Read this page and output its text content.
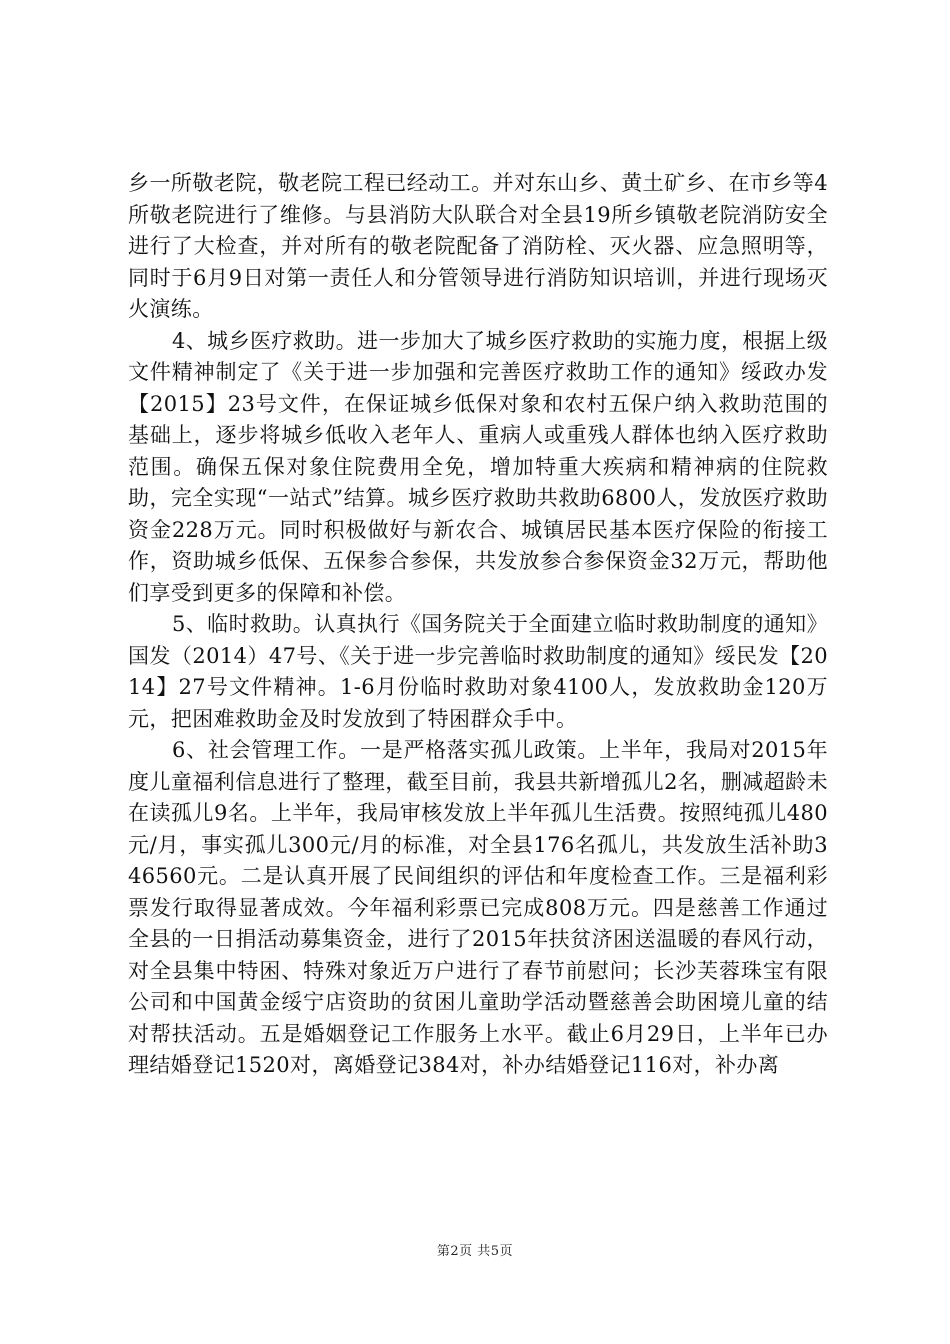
乡一所敬老院，敬老院工程已经动工。并对东山乡、黄土矿乡、在市乡等4所敬老院进行了维修。与县消防大队联合对全县19所乡镇敬老院消防安全进行了大检查，并对所有的敬老院配备了消防栓、灭火器、应急照明等，同时于6月9日对第一责任人和分管领导进行消防知识培训，并进行现场灭火演练。

4、城乡医疗救助。进一步加大了城乡医疗救助的实施力度，根据上级文件精神制定了《关于进一步加强和完善医疗救助工作的通知》绥政办发【2015】23号文件，在保证城乡低保对象和农村五保户纳入救助范围的基础上，逐步将城乡低收入老年人、重病人或重残人群体也纳入医疗救助范围。确保五保对象住院费用全免，增加特重大疾病和精神病的住院救助，完全实现“一站式”结算。城乡医疗救助共救助6800人，发放医疗救助资金228万元。同时积极做好与新农合、城镇居民基本医疗保险的衔接工作，资助城乡低保、五保参合参保，共发放参合参保资金32万元，帮助他们享受到更多的保障和补偿。

5、临时救助。认真执行《国务院关于全面建立临时救助制度的通知》国发（2014）47号、《关于进一步完善临时救助制度的通知》绥民发【2014】27号文件精神。1-6月份临时救助对象4100人，发放救助金120万元，把困难救助金及时发放到了特困群众手中。

6、社会管理工作。一是严格落实孤儿政策。上半年，我局对2015年度儿童福利信息进行了整理，截至目前，我县共新增孤儿2名，删减超龄未在读孤儿9名。上半年，我局审核发放上半年孤儿生活费。按照纯孤儿480元/月，事实孤儿300元/月的标准，对全县176名孤儿，共发放生活补助346560元。二是认真开展了民间组织的评估和年度检查工作。三是福利彩票发行取得显著成效。今年福利彩票已完成808万元。四是慈善工作通过全县的一日捐活动募集资金，进行了2015年扶贫济困送温暖的春风行动，对全县集中特困、特殊对象近万户进行了春节前慰问；长沙芙蓉珠宝有限公司和中国黄金绥宁店资助的贫困儿童助学活动暨慈善会助困境儿童的结对帮扶活动。五是婚姻登记工作服务上水平。截止6月29日，上半年已办理结婚登记1520对，离婚登记384对，补办结婚登记116对，补办离

第2页 共5页
